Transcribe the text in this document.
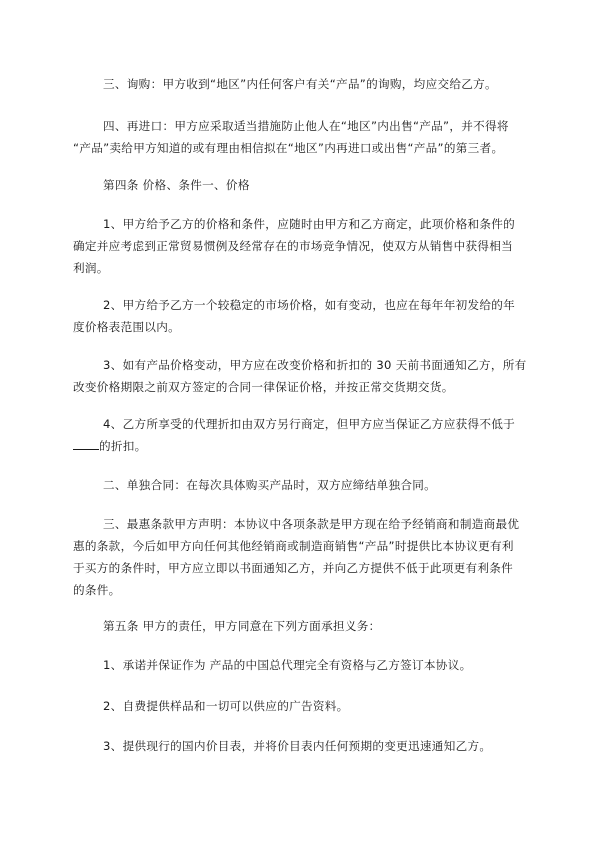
三、询购：甲方收到“地区”内任何客户有关“产品”的询购，均应交给乙方。

四、再进口：甲方应采取适当措施防止他人在“地区”内出售“产品”，并不得将
“产品”卖给甲方知道的或有理由相信拟在“地区”内再进口或出售“产品”的第三者。

第四条 价格、条件一、价格

1、甲方给予乙方的价格和条件，应随时由甲方和乙方商定，此项价格和条件的
确定并应考虑到正常贸易惯例及经常存在的市场竞争情况，使双方从销售中获得相当
利润。

2、甲方给予乙方一个较稳定的市场价格，如有变动，也应在每年年初发给的年
度价格表范围以内。

3、如有产品价格变动，甲方应在改变价格和折扣的 30 天前书面通知乙方，所有
改变价格期限之前双方签定的合同一律保证价格，并按正常交货期交货。

4、乙方所享受的代理折扣由双方另行商定，但甲方应当保证乙方应获得不低于
的折扣。

二、单独合同：在每次具体购买产品时，双方应缔结单独合同。

三、最惠条款甲方声明：本协议中各项条款是甲方现在给予经销商和制造商最优
惠的条款，今后如甲方向任何其他经销商或制造商销售“产品”时提供比本协议更有利
于买方的条件时，甲方应立即以书面通知乙方，并向乙方提供不低于此项更有利条件
的条件。

第五条 甲方的责任，甲方同意在下列方面承担义务：

1、承诺并保证作为 产品的中国总代理完全有资格与乙方签订本协议。

2、自费提供样品和一切可以供应的广告资料。

3、提供现行的国内价目表，并将价目表内任何预期的变更迅速通知乙方。
